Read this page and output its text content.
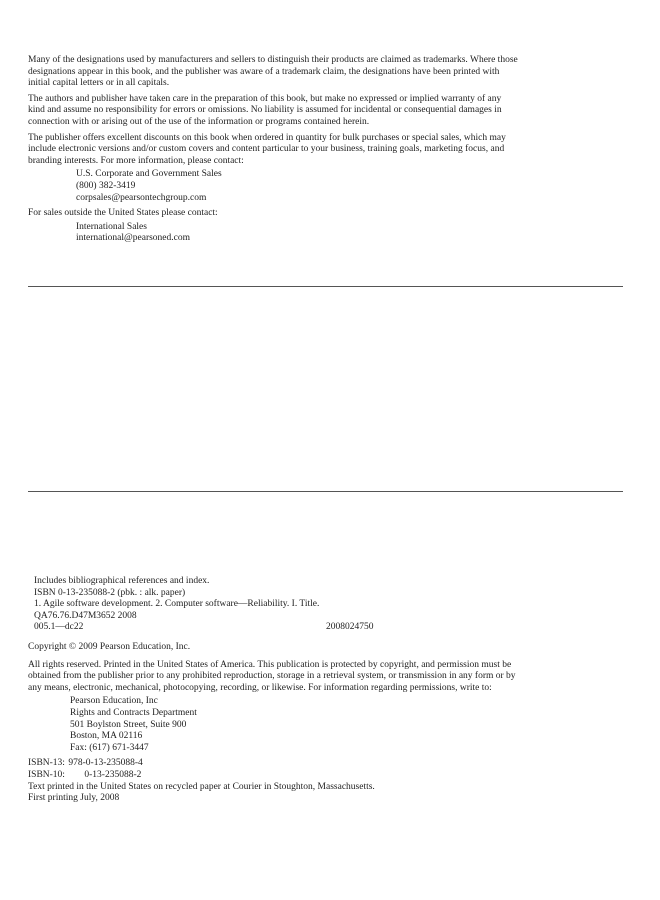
Many of the designations used by manufacturers and sellers to distinguish their products are claimed as trademarks. Where those designations appear in this book, and the publisher was aware of a trademark claim, the designations have been printed with initial capital letters or in all capitals.

The authors and publisher have taken care in the preparation of this book, but make no expressed or implied warranty of any kind and assume no responsibility for errors or omissions. No liability is assumed for incidental or consequential damages in connection with or arising out of the use of the information or programs contained herein.

The publisher offers excellent discounts on this book when ordered in quantity for bulk purchases or special sales, which may include electronic versions and/or custom covers and content particular to your business, training goals, marketing focus, and branding interests. For more information, please contact:

U.S. Corporate and Government Sales
(800) 382-3419
corpsales@pearsontechgroup.com

For sales outside the United States please contact:

International Sales
international@pearsoned.com
Includes bibliographical references and index.
ISBN 0-13-235088-2 (pbk. : alk. paper)
1. Agile software development. 2. Computer software—Reliability. I. Title.
QA76.76.D47M3652 2008
005.1—dc22	2008024750

Copyright © 2009 Pearson Education, Inc.

All rights reserved. Printed in the United States of America. This publication is protected by copyright, and permission must be obtained from the publisher prior to any prohibited reproduction, storage in a retrieval system, or transmission in any form or by any means, electronic, mechanical, photocopying, recording, or likewise. For information regarding permissions, write to:

Pearson Education, Inc
Rights and Contracts Department
501 Boylston Street, Suite 900
Boston, MA 02116
Fax: (617) 671-3447
ISBN-13: 978-0-13-235088-4
ISBN-10: 0-13-235088-2
Text printed in the United States on recycled paper at Courier in Stoughton, Massachusetts.
First printing July, 2008
